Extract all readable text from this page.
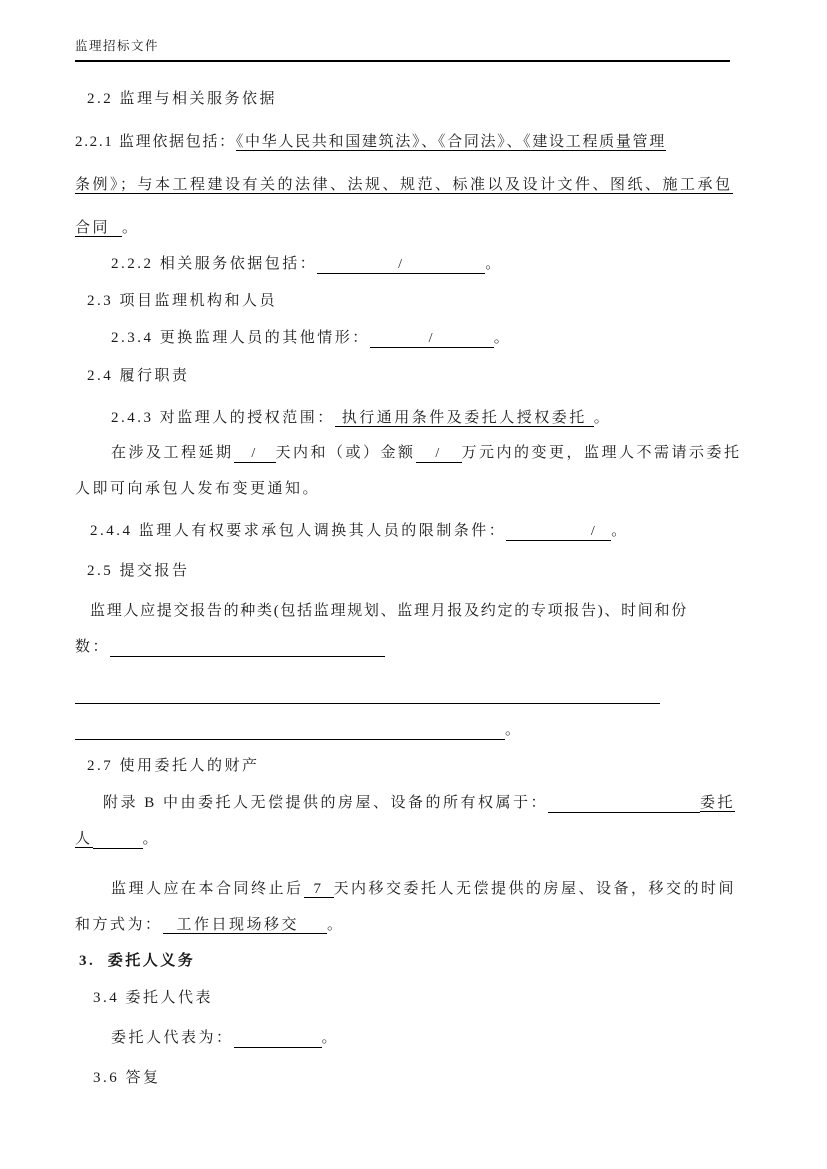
监理招标文件
2.2 监理与相关服务依据
2.2.1 监理依据包括：《中华人民共和国建筑法》、《合同法》、《建设工程质量管理
条例》；与本工程建设有关的法律、法规、规范、标准以及设计文件、图纸、施工承包
合同 。
2.2.2 相关服务依据包括：	/	。
2.3 项目监理机构和人员
2.3.4 更换监理人员的其他情形：	/	。
2.4 履行职责
2.4.3 对监理人的授权范围： 执行通用条件及委托人授权委托 。
在涉及工程延期 / 天内和（或）金额 / 万元内的变更，监理人不需请示委托
人即可向承包人发布变更通知。
2.4.4 监理人有权要求承包人调换其人员的限制条件：	/ 。
2.5 提交报告
监理人应提交报告的种类(包括监理规划、监理月报及约定的专项报告)、时间和份
数：

。
2.7 使用委托人的财产
附录 B 中由委托人无偿提供的房屋、设备的所有权属于：	委托
人	。
监理人应在本合同终止后 7 天内移交委托人无偿提供的房屋、设备，移交的时间
和方式为： 工作日现场移交 。
3.  委托人义务
3.4 委托人代表
委托人代表为：	。
3.6 答复
